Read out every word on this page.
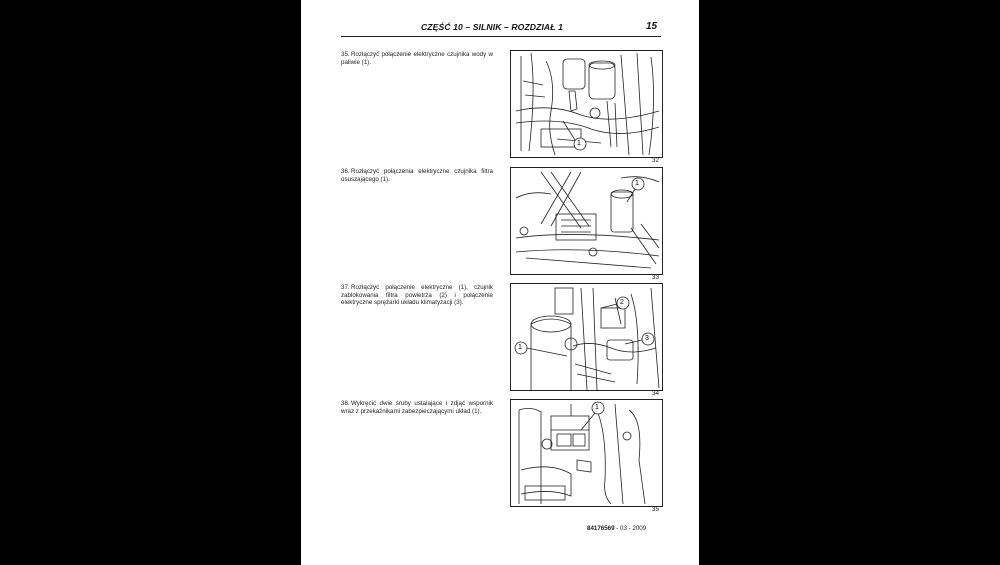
CZĘŚĆ 10 – SILNIK – ROZDZIAŁ 1	15
35.Rozłączyć połączenie elektryczne czujnika wody w paliwie (1).
36.Rozłączyć połączenia elektryczne czujnika filtra osuszającego (1).
37.Rozłączyć połączenie elektryczne (1), czujnik zablokowania filtra powietrza (2) i połączenie elektryczne sprężarki układu klimatyzacji (3).
38.Wykręcić dwie śruby ustalające i zdjąć wspornik wraz z przekaźnikami zabezpieczającymi układ (1).
1
32
1
33
1
2
3
34
1
35
84176569 - 03 - 2009
